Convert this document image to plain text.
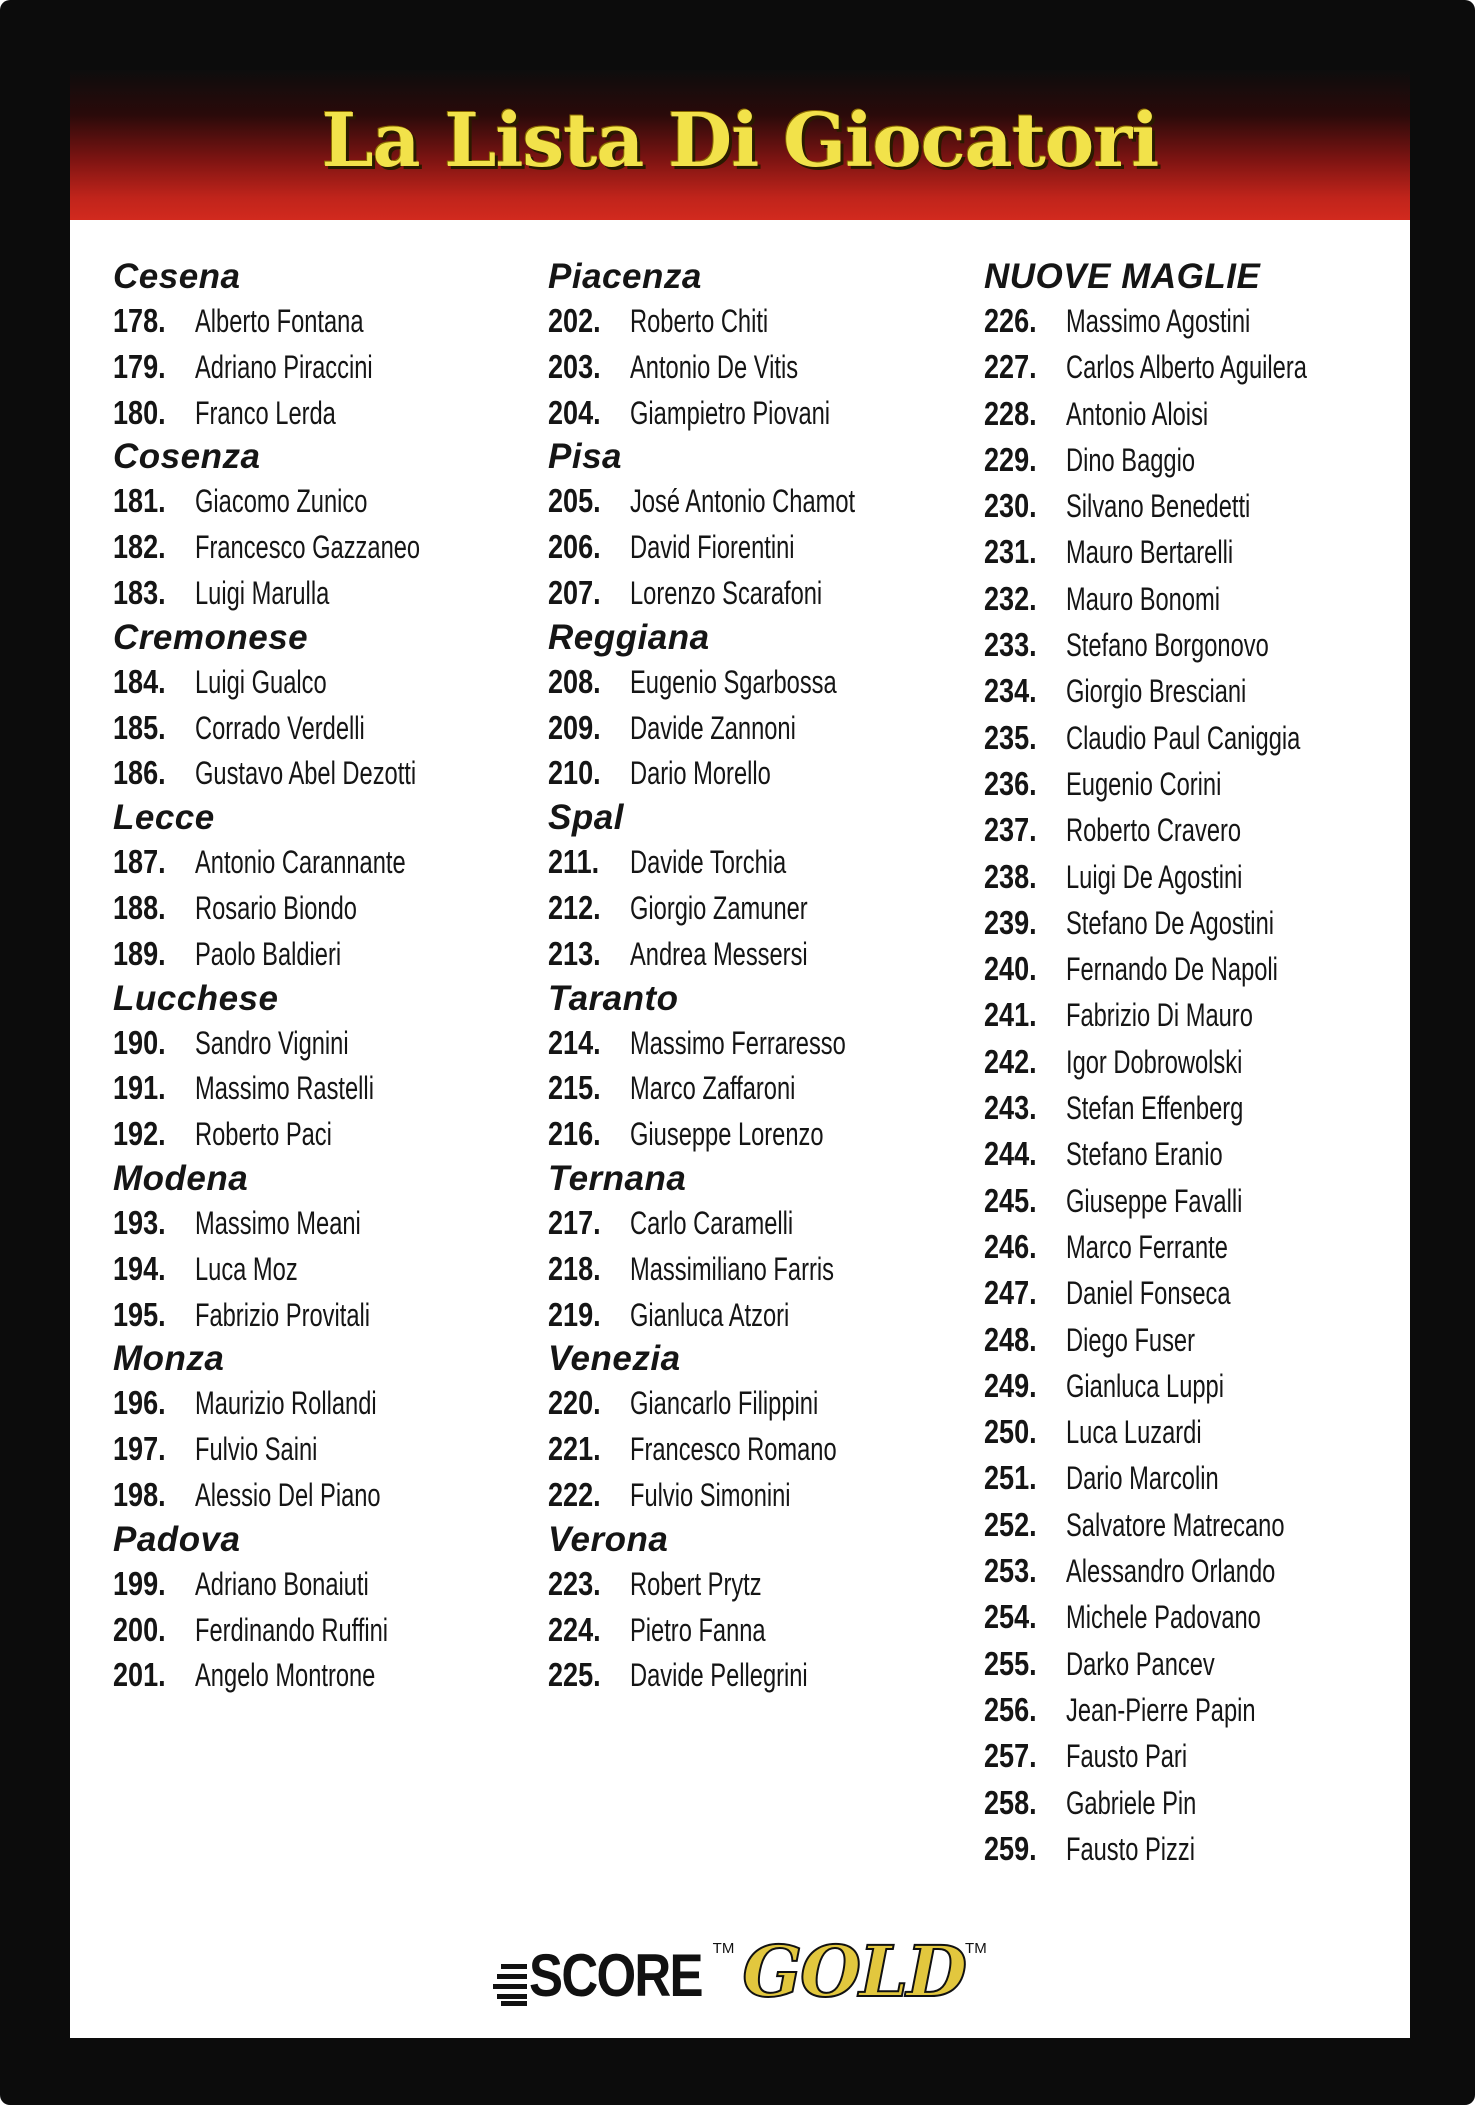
La Lista Di Giocatori
Cesena
178. Alberto Fontana
179. Adriano Piraccini
180. Franco Lerda
Cosenza
181. Giacomo Zunico
182. Francesco Gazzaneo
183. Luigi Marulla
Cremonese
184. Luigi Gualco
185. Corrado Verdelli
186. Gustavo Abel Dezotti
Lecce
187. Antonio Carannante
188. Rosario Biondo
189. Paolo Baldieri
Lucchese
190. Sandro Vignini
191. Massimo Rastelli
192. Roberto Paci
Modena
193. Massimo Meani
194. Luca Moz
195. Fabrizio Provitali
Monza
196. Maurizio Rollandi
197. Fulvio Saini
198. Alessio Del Piano
Padova
199. Adriano Bonaiuti
200. Ferdinando Ruffini
201. Angelo Montrone
Piacenza
202. Roberto Chiti
203. Antonio De Vitis
204. Giampietro Piovani
Pisa
205. José Antonio Chamot
206. David Fiorentini
207. Lorenzo Scarafoni
Reggiana
208. Eugenio Sgarbossa
209. Davide Zannoni
210. Dario Morello
Spal
211. Davide Torchia
212. Giorgio Zamuner
213. Andrea Messersi
Taranto
214. Massimo Ferraresso
215. Marco Zaffaroni
216. Giuseppe Lorenzo
Ternana
217. Carlo Caramelli
218. Massimiliano Farris
219. Gianluca Atzori
Venezia
220. Giancarlo Filippini
221. Francesco Romano
222. Fulvio Simonini
Verona
223. Robert Prytz
224. Pietro Fanna
225. Davide Pellegrini
NUOVE MAGLIE
226. Massimo Agostini
227. Carlos Alberto Aguilera
228. Antonio Aloisi
229. Dino Baggio
230. Silvano Benedetti
231. Mauro Bertarelli
232. Mauro Bonomi
233. Stefano Borgonovo
234. Giorgio Bresciani
235. Claudio Paul Caniggia
236. Eugenio Corini
237. Roberto Cravero
238. Luigi De Agostini
239. Stefano De Agostini
240. Fernando De Napoli
241. Fabrizio Di Mauro
242. Igor Dobrowolski
243. Stefan Effenberg
244. Stefano Eranio
245. Giuseppe Favalli
246. Marco Ferrante
247. Daniel Fonseca
248. Diego Fuser
249. Gianluca Luppi
250. Luca Luzardi
251. Dario Marcolin
252. Salvatore Matrecano
253. Alessandro Orlando
254. Michele Padovano
255. Darko Pancev
256. Jean-Pierre Papin
257. Fausto Pari
258. Gabriele Pin
259. Fausto Pizzi
SCORE TM GOLD TM
